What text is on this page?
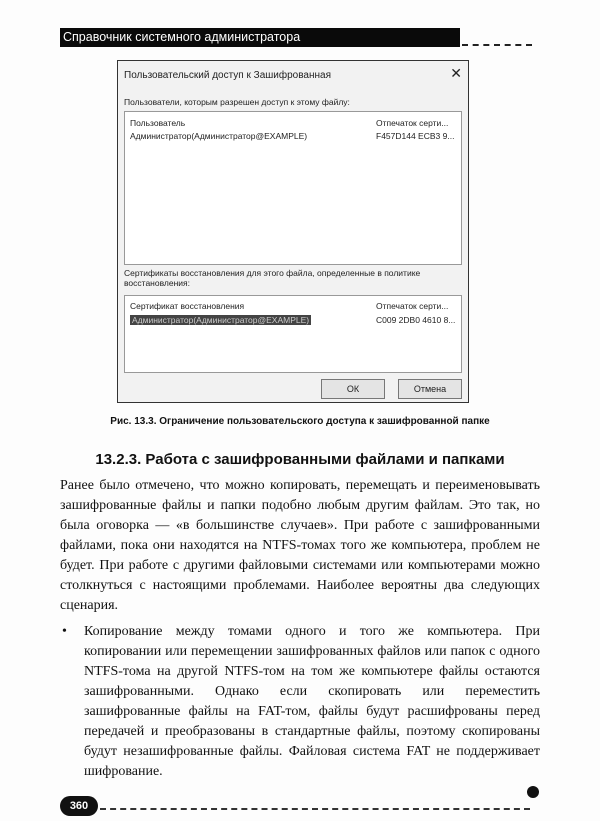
Справочник системного администратора
Пользовательский доступ к Зашифрованная	✕
Пользователи, которым разрешен доступ к этому файлу:
Пользователь	Отпечаток серти...
Администратор(Администратор@EXAMPLE)	F457D144 ECB3 9...
Сертификаты восстановления для этого файла, определенные в политике восстановления:
Сертификат восстановления	Отпечаток серти...
Администратор(Администратор@EXAMPLE)	C009 2DB0 4610 8...
ОК	Отмена
Рис. 13.3. Ограничение пользовательского доступа к зашифрованной папке
13.2.3. Работа с зашифрованными файлами и папками

Ранее было отмечено, что можно копировать, перемещать и переименовывать зашифрованные файлы и папки подобно любым другим файлам. Это так, но была оговорка — «в большинстве случаев». При работе с зашифрованными файлами, пока они находятся на NTFS-томах того же компьютера, проблем не будет. При работе с другими файловыми системами или компьютерами можно столкнуться с настоящими проблемами. Наиболее вероятны два следующих сценария.

• Копирование между томами одного и того же компьютера. При копировании или перемещении зашифрованных файлов или папок с одного NTFS-тома на другой NTFS-том на том же компьютере файлы остаются зашифрованными. Однако если скопировать или переместить зашифрованные файлы на FAT-том, файлы будут расшифрованы перед передачей и преобразованы в стандартные файлы, поэтому скопированы будут незашифрованные файлы. Файловая система FAT не поддерживает шифрование.

360
